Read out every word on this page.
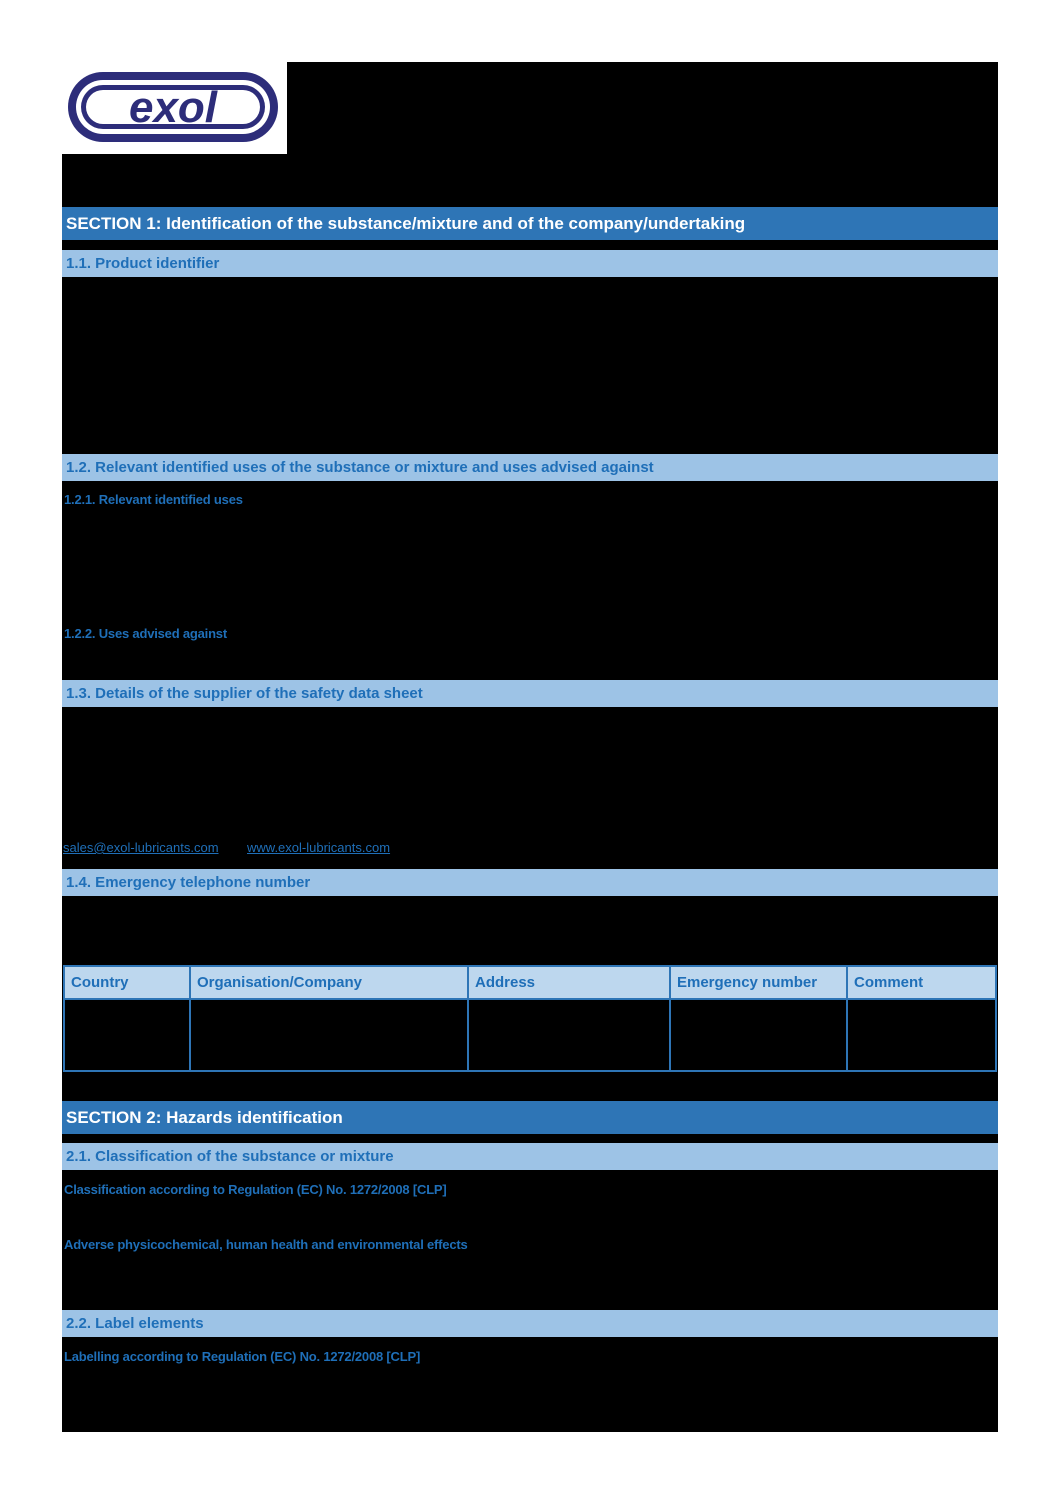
exol
SECTION 1: Identification of the substance/mixture and of the company/undertaking
1.1. Product identifier
1.2. Relevant identified uses of the substance or mixture and uses advised against
1.2.1. Relevant identified uses
1.2.2. Uses advised against
1.3. Details of the supplier of the safety data sheet
sales@exol-lubricants.com www.exol-lubricants.com
1.4. Emergency telephone number
Country	Organisation/Company	Address	Emergency number	Comment

SECTION 2: Hazards identification
2.1. Classification of the substance or mixture
Classification according to Regulation (EC) No. 1272/2008 [CLP]
Adverse physicochemical, human health and environmental effects
2.2. Label elements
Labelling according to Regulation (EC) No. 1272/2008 [CLP]
